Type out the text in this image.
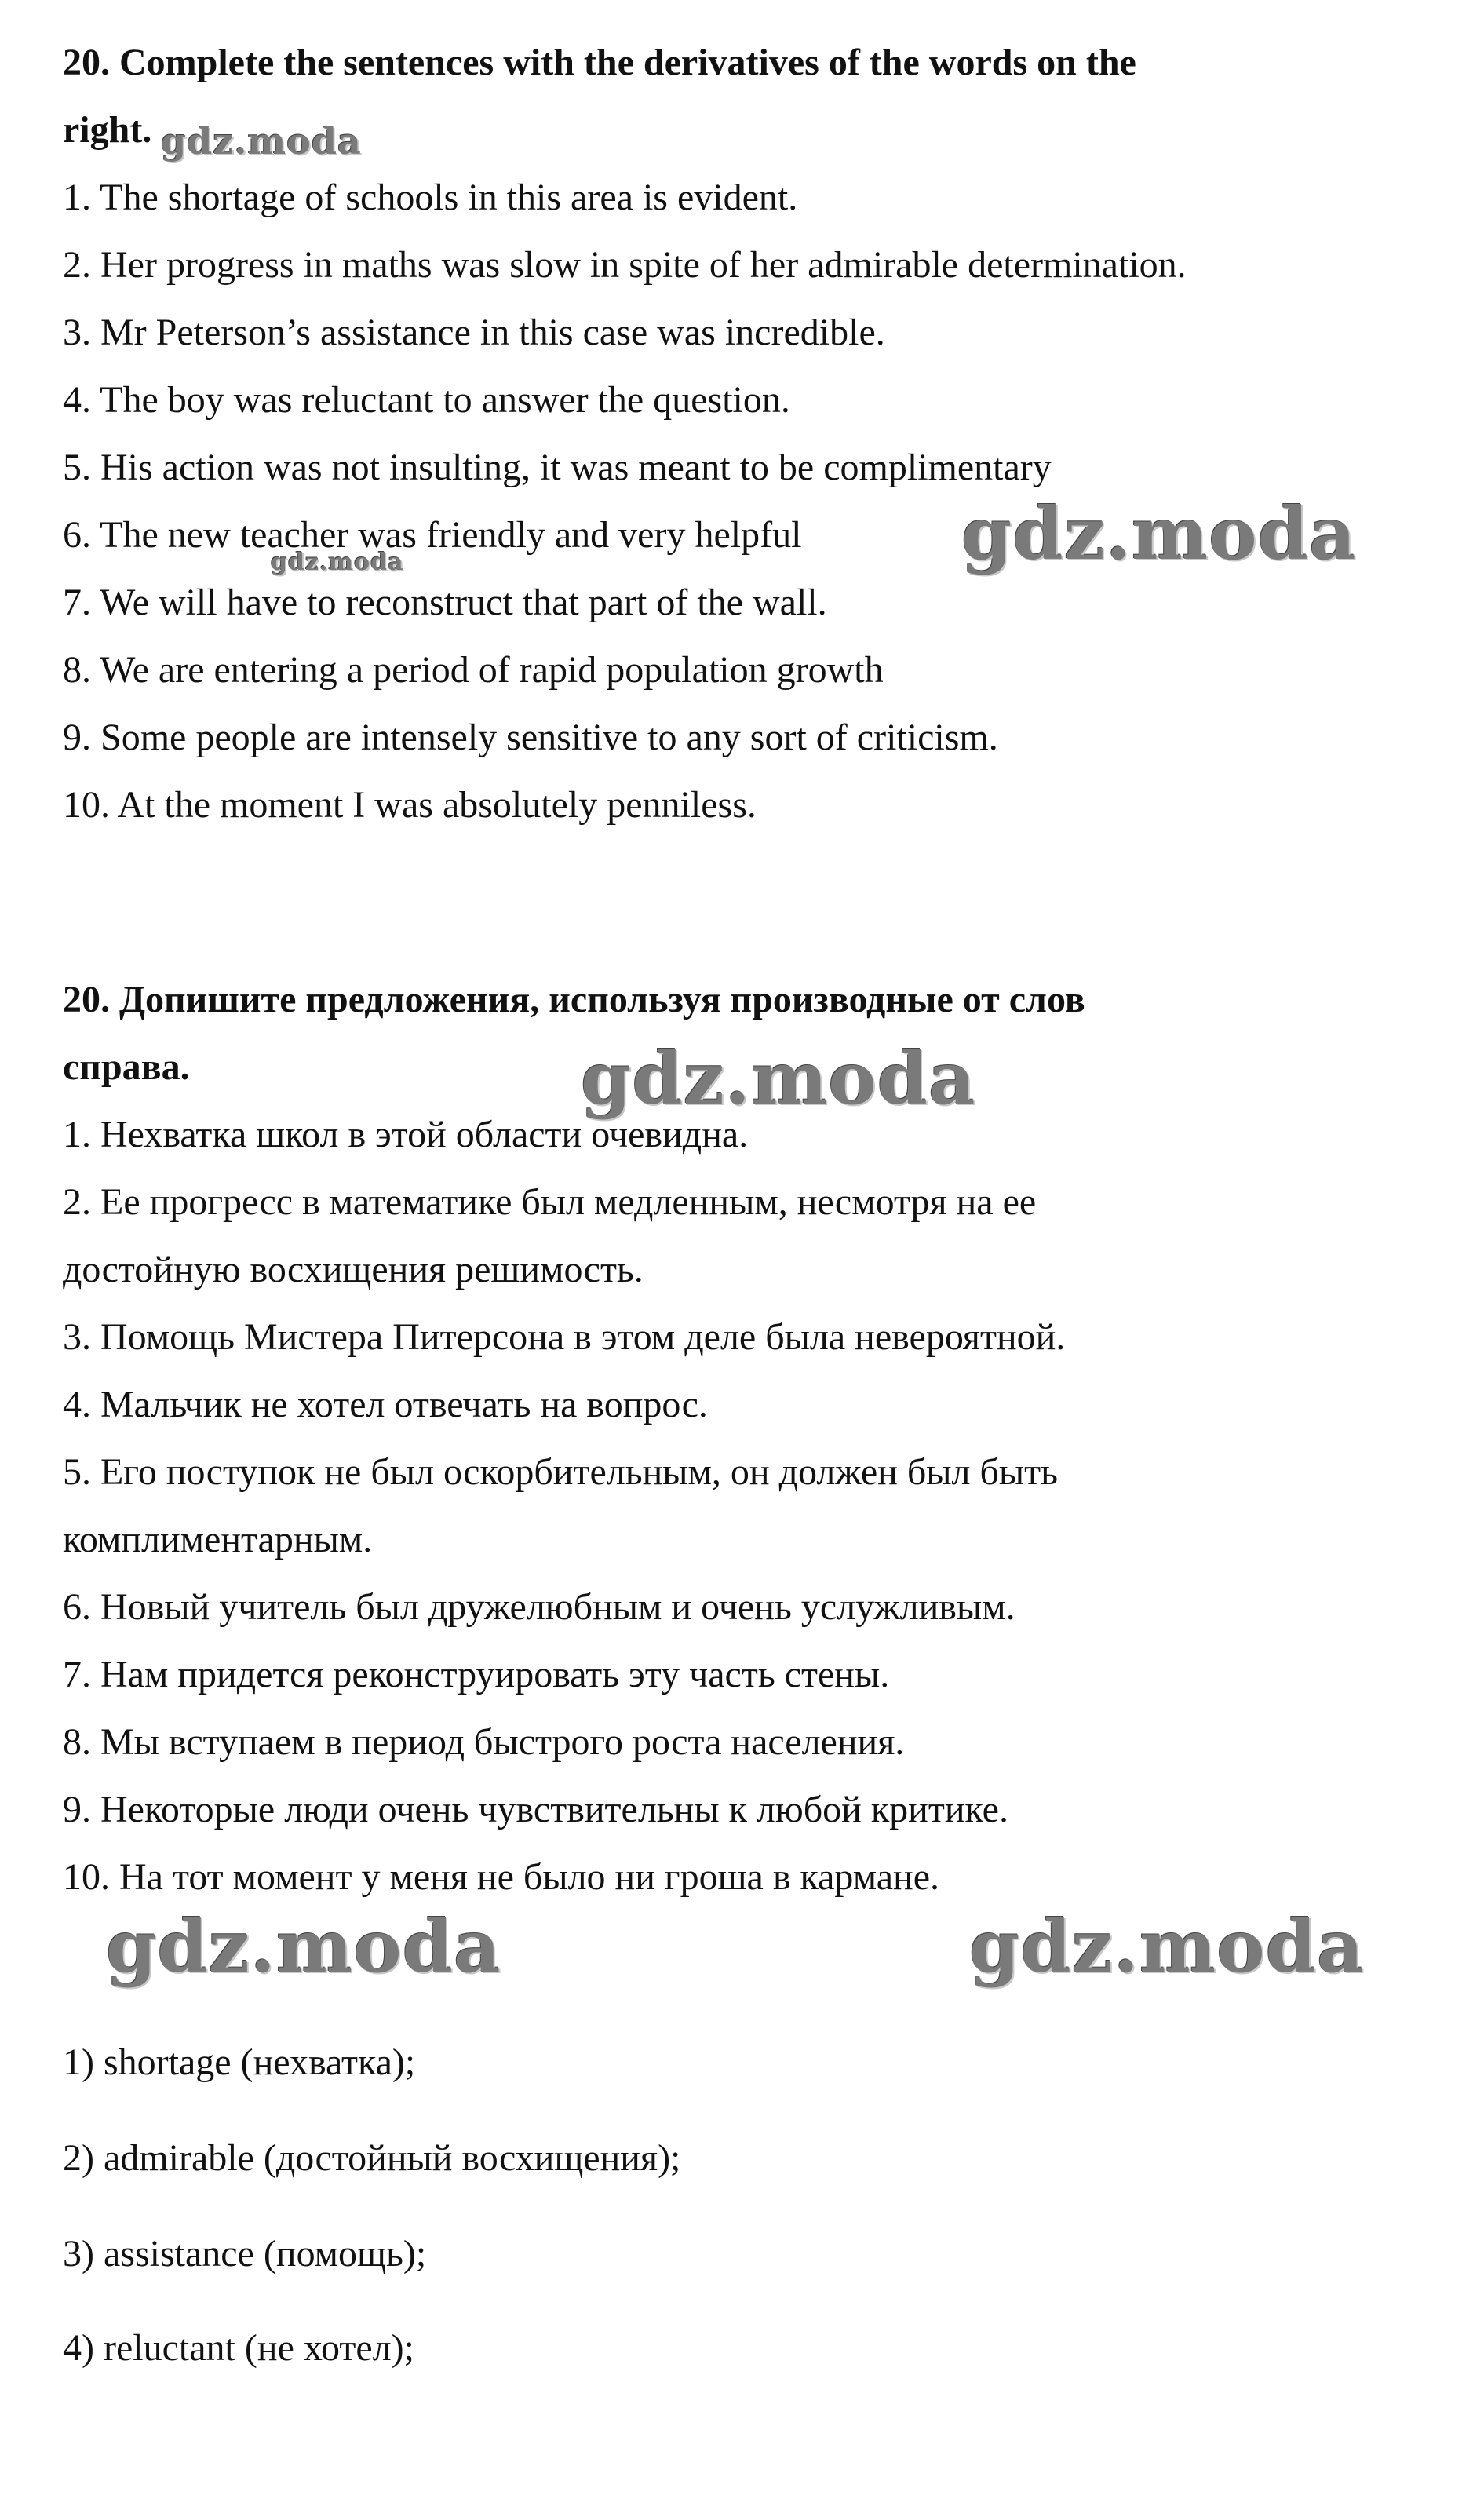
20. Complete the sentences with the derivatives of the words on the

right.

1. The shortage of schools in this area is evident.

2. Her progress in maths was slow in spite of her admirable determination.

3. Mr Peterson’s assistance in this case was incredible.

4. The boy was reluctant to answer the question.

5. His action was not insulting, it was meant to be complimentary

6. The new teacher was friendly and very helpful

7. We will have to reconstruct that part of the wall.

8. We are entering a period of rapid population growth

9. Some people are intensely sensitive to any sort of criticism.

10. At the moment I was absolutely penniless.

20. Допишите предложения, используя производные от слов

справа.

1. Нехватка школ в этой области очевидна.

2. Ее прогресс в математике был медленным, несмотря на ее

достойную восхищения решимость.

3. Помощь Мистера Питерсона в этом деле была невероятной.

4. Мальчик не хотел отвечать на вопрос.

5. Его поступок не был оскорбительным, он должен был быть

комплиментарным.

6. Новый учитель был дружелюбным и очень услужливым.

7. Нам придется реконструировать эту часть стены.

8. Мы вступаем в период быстрого роста населения.

9. Некоторые люди очень чувствительны к любой критике.

10. На тот момент у меня не было ни гроша в кармане.

1) shortage (нехватка);

2) admirable (достойный восхищения);

3) assistance (помощь);

4) reluctant (не хотел);

gdz.moda
gdz.moda
gdz.moda
gdz.moda
gdz.moda	gdz.moda
